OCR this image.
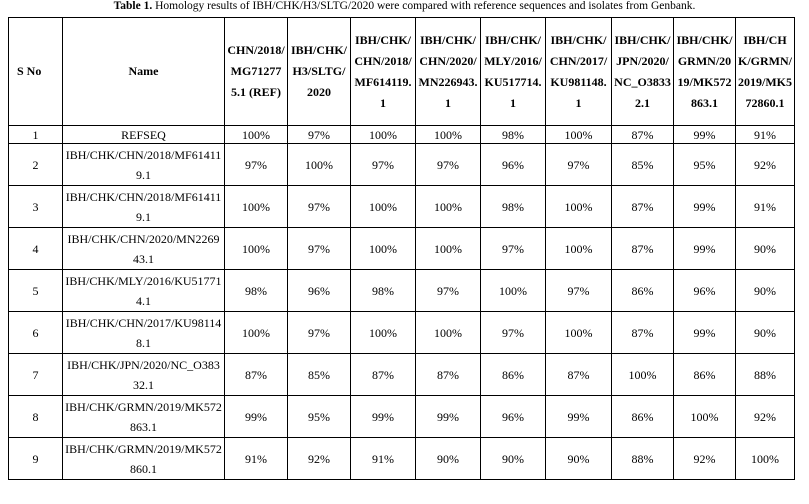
Table 1. Homology results of IBH/CHK/H3/SLTG/2020 were compared with reference sequences and isolates from Genbank.
S No	Name	CHN/2018/MG712775.1 (REF)	IBH/CHK/H3/SLTG/2020	IBH/CHK/CHN/2018/MF614119.1	IBH/CHK/CHN/2020/MN226943.1	IBH/CHK/MLY/2016/KU517714.1	IBH/CHK/CHN/2017/KU981148.1	IBH/CHK/JPN/2020/NC_O38332.1	IBH/CHK/GRMN/2019/MK572863.1	IBH/CHK/GRMN/2019/MK572860.1
1	REFSEQ	100%	97%	100%	100%	98%	100%	87%	99%	91%
2	IBH/CHK/CHN/2018/MF614119.1	97%	100%	97%	97%	96%	97%	85%	95%	92%
3	IBH/CHK/CHN/2018/MF614119.1	100%	97%	100%	100%	98%	100%	87%	99%	91%
4	IBH/CHK/CHN/2020/MN226943.1	100%	97%	100%	100%	97%	100%	87%	99%	90%
5	IBH/CHK/MLY/2016/KU517714.1	98%	96%	98%	97%	100%	97%	86%	96%	90%
6	IBH/CHK/CHN/2017/KU981148.1	100%	97%	100%	100%	97%	100%	87%	99%	90%
7	IBH/CHK/JPN/2020/NC_O38332.1	87%	85%	87%	87%	86%	87%	100%	86%	88%
8	IBH/CHK/GRMN/2019/MK572863.1	99%	95%	99%	99%	96%	99%	86%	100%	92%
9	IBH/CHK/GRMN/2019/MK572860.1	91%	92%	91%	90%	90%	90%	88%	92%	100%
